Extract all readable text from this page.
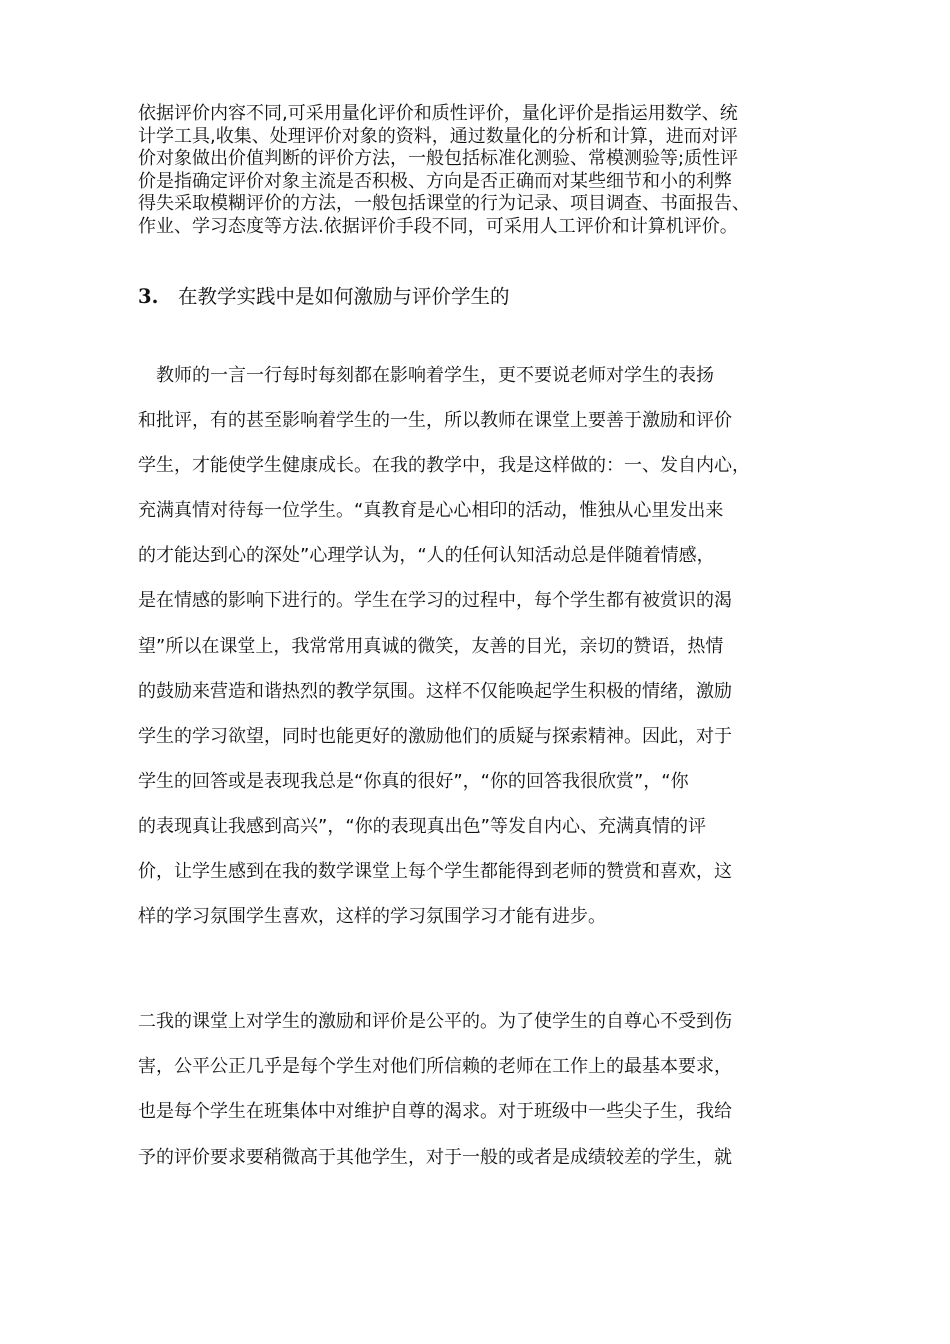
依据评价内容不同,可采用量化评价和质性评价，量化评价是指运用数学、统
计学工具,收集、处理评价对象的资料，通过数量化的分析和计算，进而对评
价对象做出价值判断的评价方法，一般包括标准化测验、常模测验等;质性评
价是指确定评价对象主流是否积极、方向是否正确而对某些细节和小的利弊
得失采取模糊评价的方法，一般包括课堂的行为记录、项目调查、书面报告、
作业、学习态度等方法.依据评价手段不同，可采用人工评价和计算机评价。
3. 在教学实践中是如何激励与评价学生的
　教师的一言一行每时每刻都在影响着学生，更不要说老师对学生的表扬
和批评，有的甚至影响着学生的一生，所以教师在课堂上要善于激励和评价
学生，才能使学生健康成长。在我的教学中，我是这样做的：一、发自内心，
充满真情对待每一位学生。“真教育是心心相印的活动，惟独从心里发出来
的才能达到心的深处”心理学认为，“人的任何认知活动总是伴随着情感，
是在情感的影响下进行的。学生在学习的过程中，每个学生都有被赏识的渴
望”所以在课堂上，我常常用真诚的微笑，友善的目光，亲切的赞语，热情
的鼓励来营造和谐热烈的教学氛围。这样不仅能唤起学生积极的情绪，激励
学生的学习欲望，同时也能更好的激励他们的质疑与探索精神。因此，对于
学生的回答或是表现我总是“你真的很好”，“你的回答我很欣赏”，“你
的表现真让我感到高兴”，“你的表现真出色”等发自内心、充满真情的评
价，让学生感到在我的数学课堂上每个学生都能得到老师的赞赏和喜欢，这
样的学习氛围学生喜欢，这样的学习氛围学习才能有进步。
二我的课堂上对学生的激励和评价是公平的。为了使学生的自尊心不受到伤
害，公平公正几乎是每个学生对他们所信赖的老师在工作上的最基本要求，
也是每个学生在班集体中对维护自尊的渴求。对于班级中一些尖子生，我给
予的评价要求要稍微高于其他学生，对于一般的或者是成绩较差的学生，就
